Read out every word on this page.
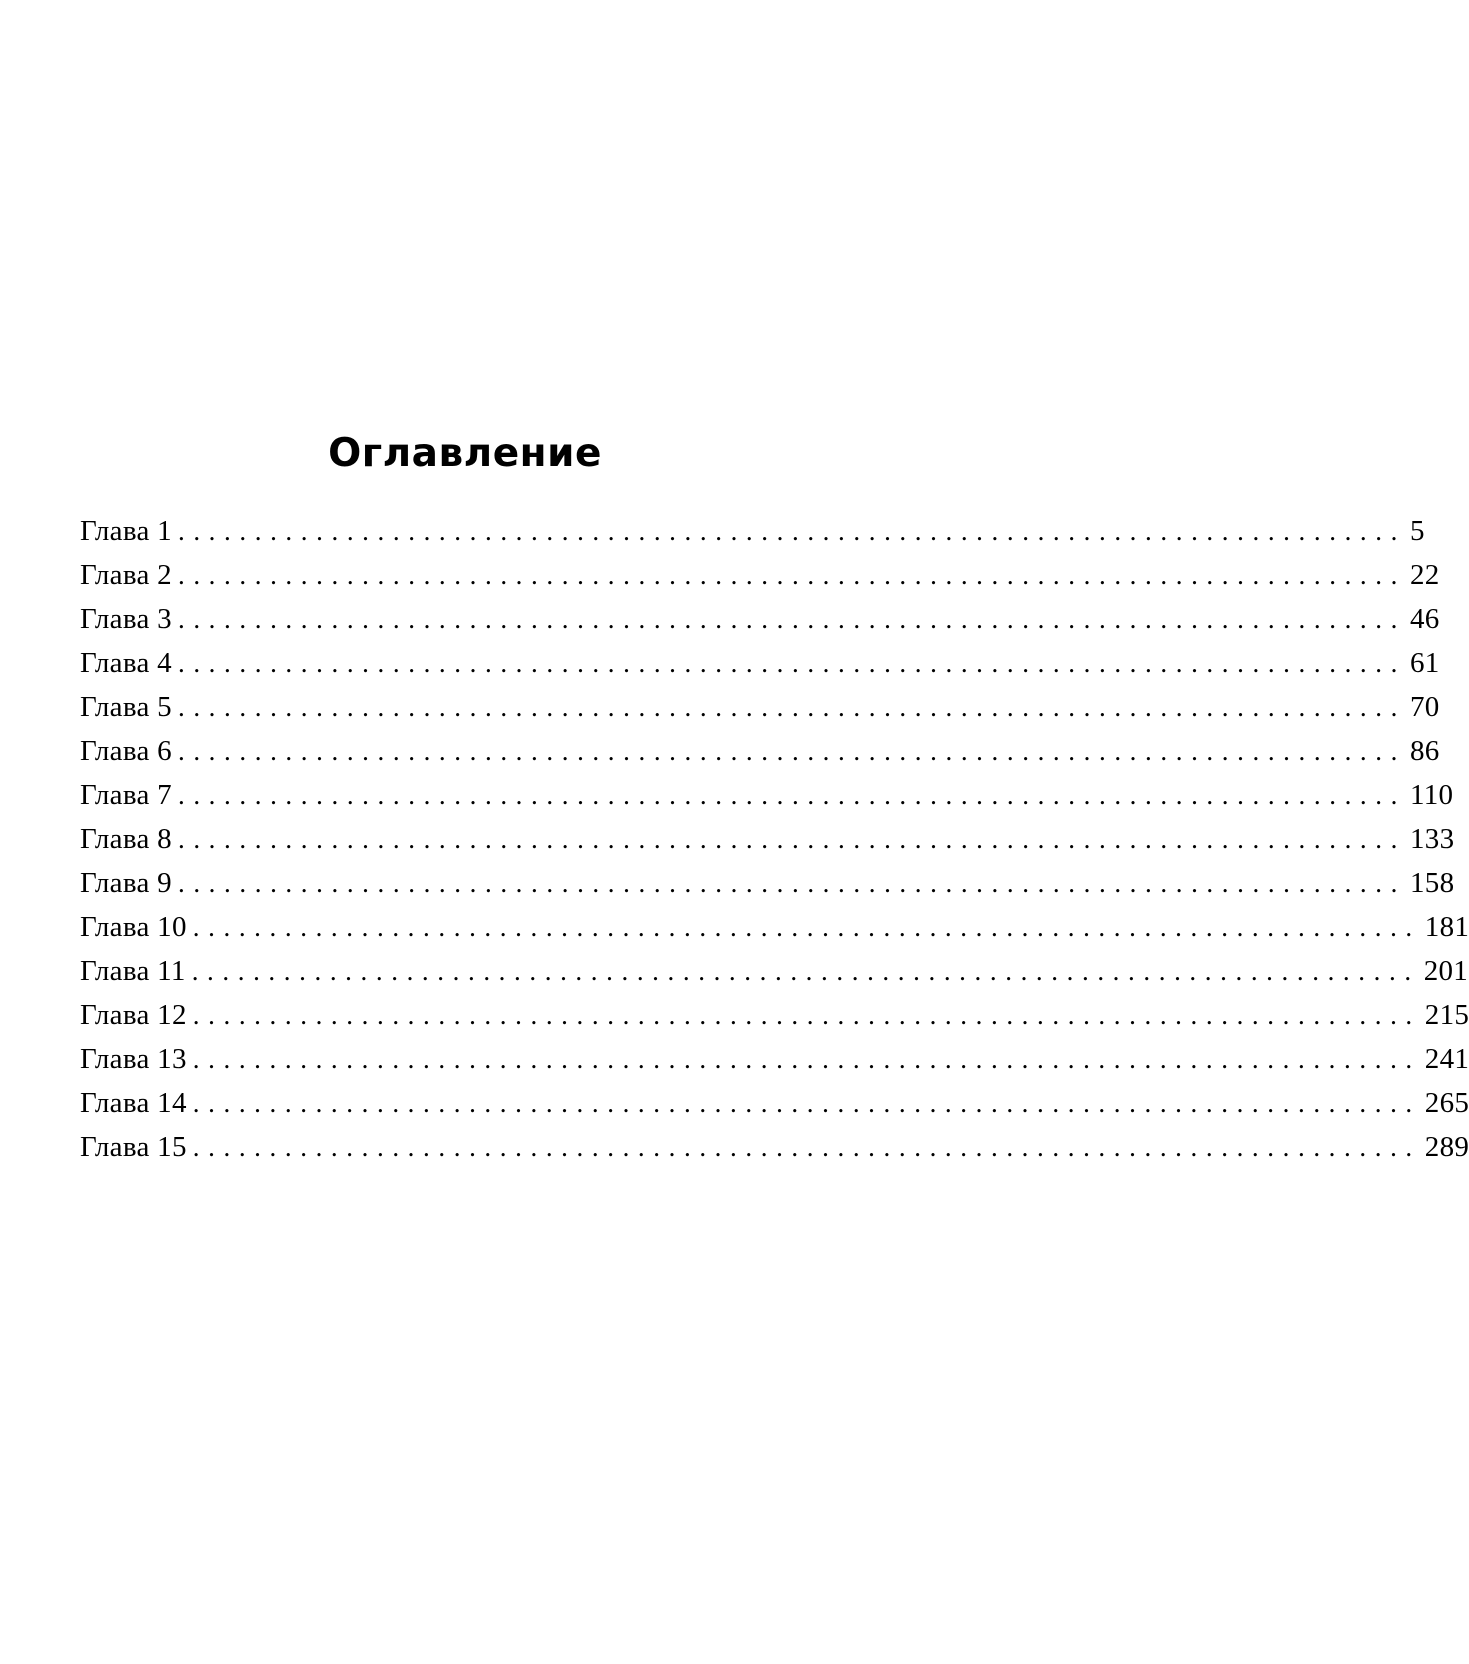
Оглавление
Глава 1 ................................................................................ 5
Глава 2 ................................................................................ 22
Глава 3 ................................................................................ 46
Глава 4 ................................................................................ 61
Глава 5 ................................................................................ 70
Глава 6 ................................................................................ 86
Глава 7 ................................................................................ 110
Глава 8 ................................................................................ 133
Глава 9 ................................................................................ 158
Глава 10 ................................................................................ 181
Глава 11 ................................................................................ 201
Глава 12 ................................................................................ 215
Глава 13 ................................................................................ 241
Глава 14 ................................................................................ 265
Глава 15 ................................................................................ 289
